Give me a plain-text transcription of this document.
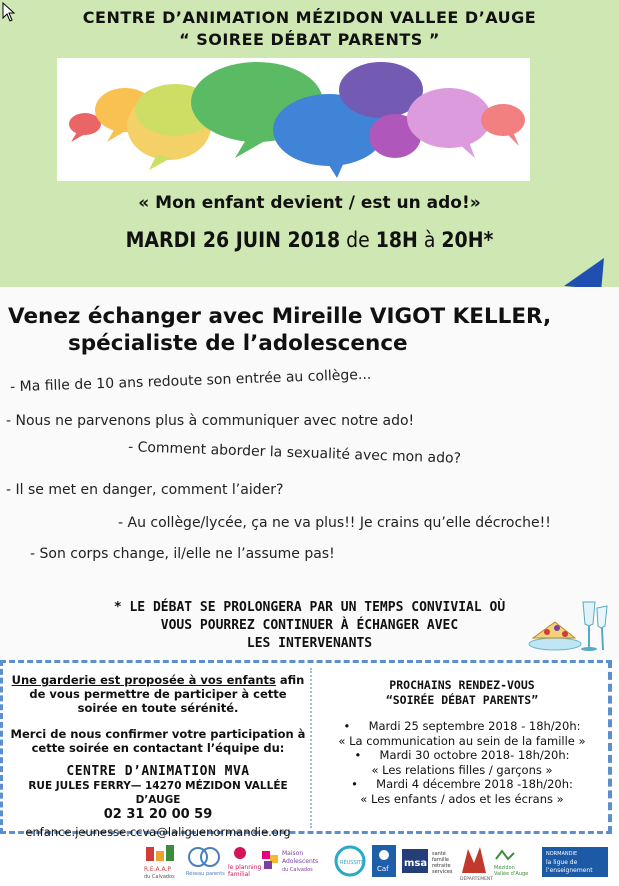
CENTRE D’ANIMATION MÉZIDON VALLEE D’AUGE
“ SOIREE DÉBAT PARENTS ”
« Mon enfant devient / est un ado!»
MARDI 26 JUIN 2018 de 18H à 20H*
Venez échanger avec Mireille VIGOT KELLER,
spécialiste de l’adolescence
- Ma fille de 10 ans redoute son entrée au collège...
- Nous ne parvenons plus à communiquer avec notre ado!
- Comment aborder la sexualité avec mon ado?
- Il se met en danger, comment l’aider?
- Au collège/lycée, ça ne va plus!! Je crains qu’elle décroche!!
- Son corps change, il/elle ne l’assume pas!
* LE DÉBAT SE PROLONGERA PAR UN TEMPS CONVIVIAL OÙ
VOUS POURREZ CONTINUER À ÉCHANGER AVEC
LES INTERVENANTS
Une garderie est proposée à vos enfants afin de vous permettre de participer à cette soirée en toute sérénité.
Merci de nous confirmer votre participation à cette soirée en contactant l’équipe du:
CENTRE D’ANIMATION MVA
RUE JULES FERRY— 14270 MÉZIDON VALLÉE D’AUGE
02 31 20 00 59
enfance.jeunesse.ccva@laliguenormandie.org
PROCHAINS RENDEZ-VOUS
“SOIRÉE DÉBAT PARENTS”
•     Mardi 25 septembre 2018 - 18h/20h:
« La communication au sein de la famille »
•     Mardi 30 octobre 2018- 18h/20h:
« Les relations filles / garçons »
•     Mardi 4 décembre 2018 -18h/20h:
« Les enfants / ados et les écrans »
R.E.A.A.P
du Calvados Réseau parents
le planning
familial
Maison
Adolescents
du Calvados
RÉUSSITE
Caf msa
santé
famille
retraite
services
DÉPARTEMENT
Mézidon
Vallée d’Auge
NORMANDIE
la ligue de
l’enseignement
